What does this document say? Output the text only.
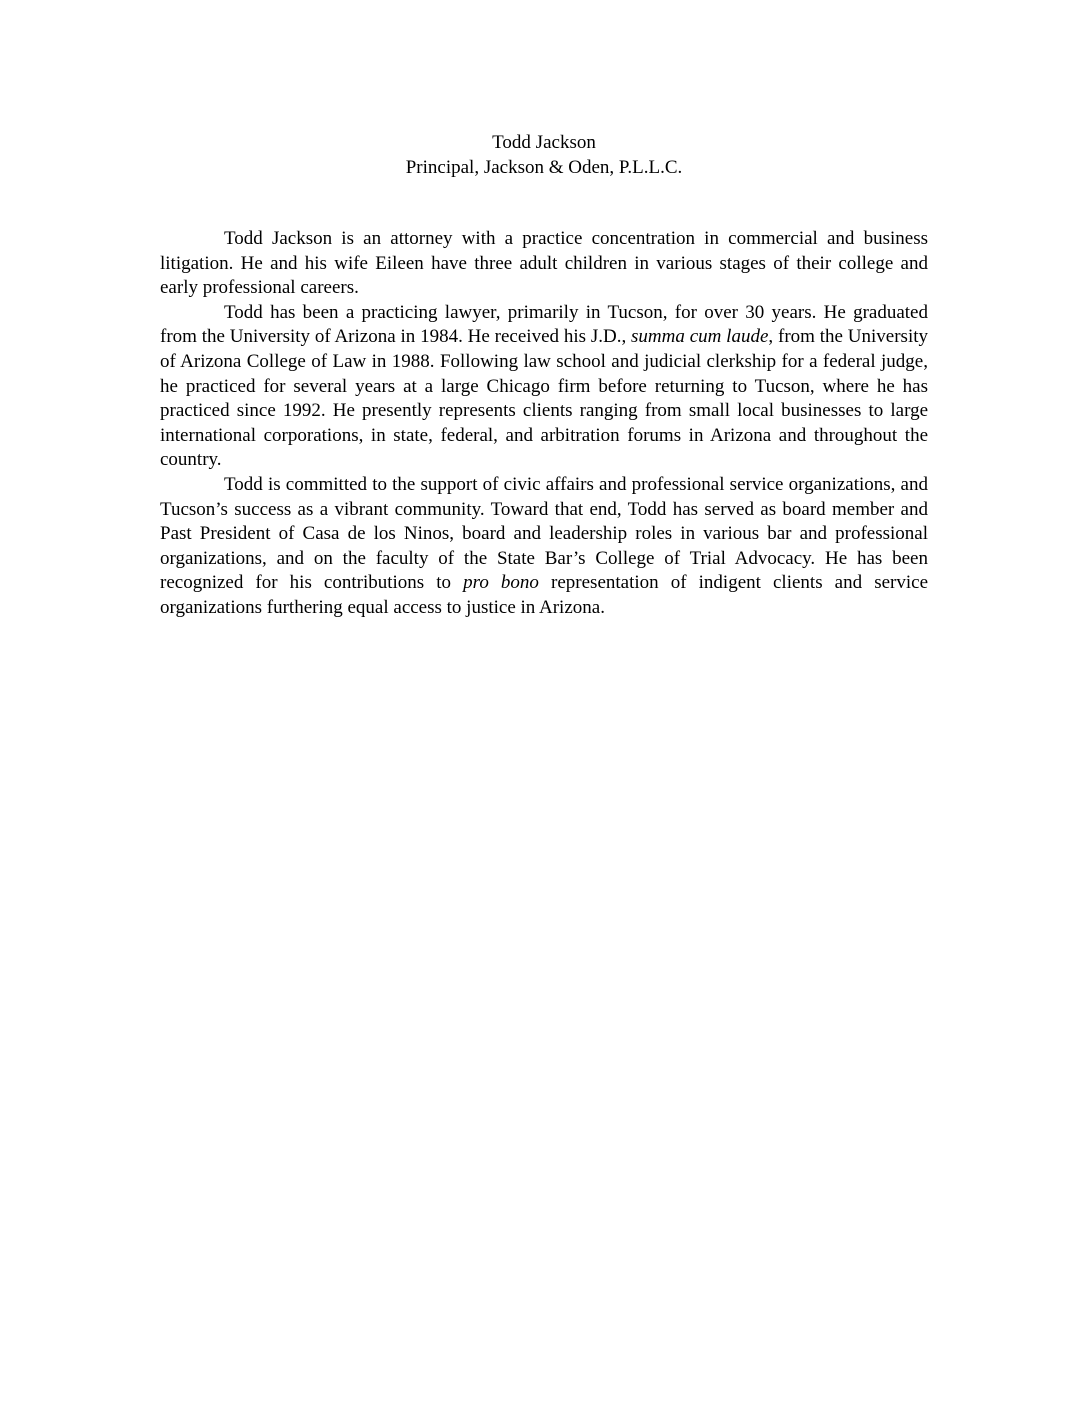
Todd Jackson
Principal, Jackson & Oden, P.L.L.C.

Todd Jackson is an attorney with a practice concentration in commercial and business litigation. He and his wife Eileen have three adult children in various stages of their college and early professional careers.

Todd has been a practicing lawyer, primarily in Tucson, for over 30 years. He graduated from the University of Arizona in 1984. He received his J.D., summa cum laude, from the University of Arizona College of Law in 1988. Following law school and judicial clerkship for a federal judge, he practiced for several years at a large Chicago firm before returning to Tucson, where he has practiced since 1992. He presently represents clients ranging from small local businesses to large international corporations, in state, federal, and arbitration forums in Arizona and throughout the country.

Todd is committed to the support of civic affairs and professional service organizations, and Tucson’s success as a vibrant community. Toward that end, Todd has served as board member and Past President of Casa de los Ninos, board and leadership roles in various bar and professional organizations, and on the faculty of the State Bar’s College of Trial Advocacy. He has been recognized for his contributions to pro bono representation of indigent clients and service organizations furthering equal access to justice in Arizona.
